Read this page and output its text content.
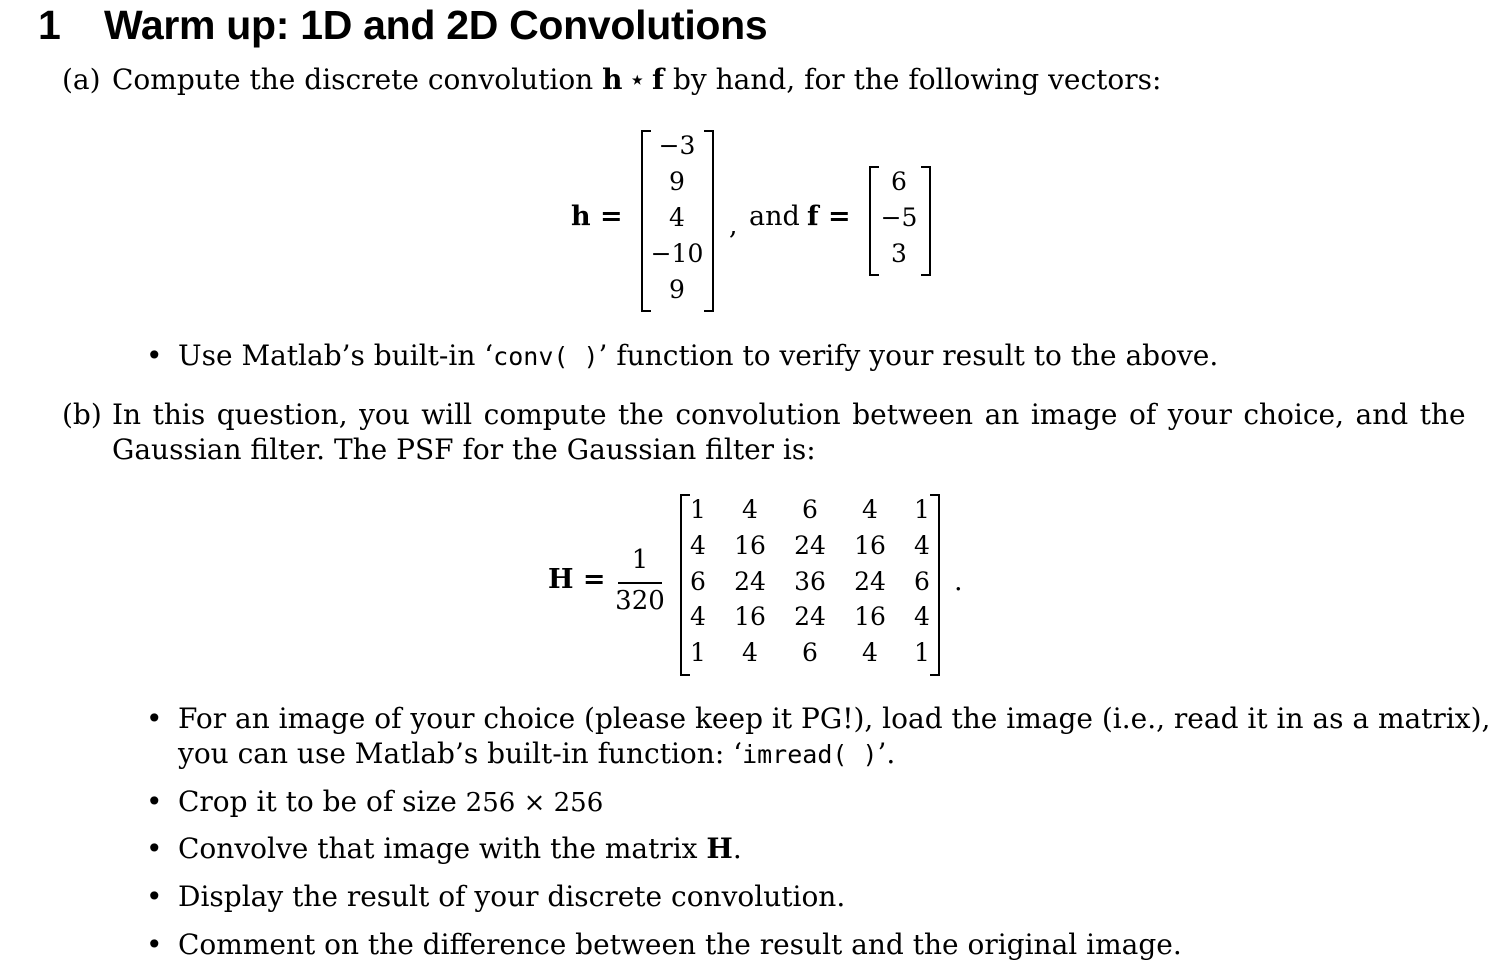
1 Warm up: 1D and 2D Convolutions
(a) Compute the discrete convolution h ⋆ f by hand, for the following vectors:
h =
−3
9
4
−10
9
, and f =
6
−5
3
• Use Matlab’s built-in ‘conv( )’ function to verify your result to the above.
(b) In this question, you will compute the convolution between an image of your choice, and the
Gaussian filter. The PSF for the Gaussian filter is:
H =
1
320
1	4	6	4	1
4 16 24 16	4
6 24 36 24	6
4 16 24 16	4
1	4	6	4	1
.
• For an image of your choice (please keep it PG!), load the image (i.e., read it in as a matrix),
you can use Matlab’s built-in function: ‘imread( )’.
• Crop it to be of size 256 × 256
• Convolve that image with the matrix H.
• Display the result of your discrete convolution.
• Comment on the difference between the result and the original image.
